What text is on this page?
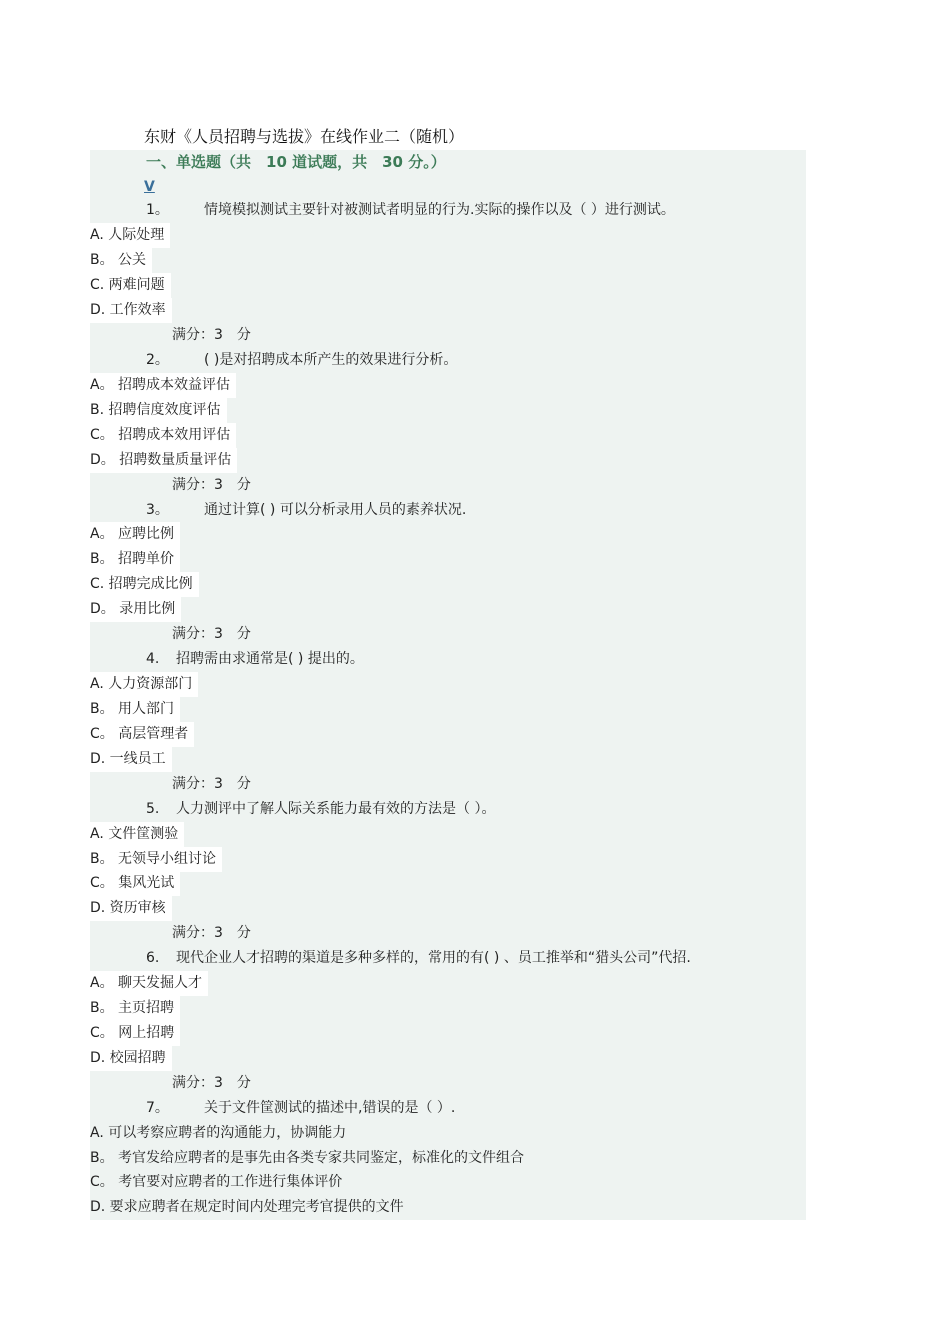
东财《人员招聘与选拔》在线作业二（随机）
一、单选题（共　10 道试题，共　30 分。）
V
1。	情境模拟测试主要针对被测试者明显的行为.实际的操作以及（ ）进行测试。
A. 人际处理
B。 公关
C. 两难问题
D. 工作效率
满分：3　分
2。	( )是对招聘成本所产生的效果进行分析。
A。 招聘成本效益评估
B. 招聘信度效度评估
C。 招聘成本效用评估
D。 招聘数量质量评估
满分：3　分
3。	通过计算( ) 可以分析录用人员的素养状况.
A。 应聘比例
B。 招聘单价
C. 招聘完成比例
D。 录用比例
满分：3　分
4. 招聘需由求通常是( ) 提出的。
A. 人力资源部门
B。 用人部门
C。 高层管理者
D. 一线员工
满分：3　分
5. 人力测评中了解人际关系能力最有效的方法是（ ）。
A. 文件筐测验
B。 无领导小组讨论
C。 集风光试
D. 资历审核
满分：3　分
6. 现代企业人才招聘的渠道是多种多样的，常用的有( ) 、员工推举和“猎头公司”代招.
A。 聊天发掘人才
B。 主页招聘
C。 网上招聘
D. 校园招聘
满分：3　分
7。	关于文件筐测试的描述中,错误的是（ ）.
A. 可以考察应聘者的沟通能力，协调能力
B。 考官发给应聘者的是事先由各类专家共同鉴定，标准化的文件组合
C。 考官要对应聘者的工作进行集体评价
D. 要求应聘者在规定时间内处理完考官提供的文件
